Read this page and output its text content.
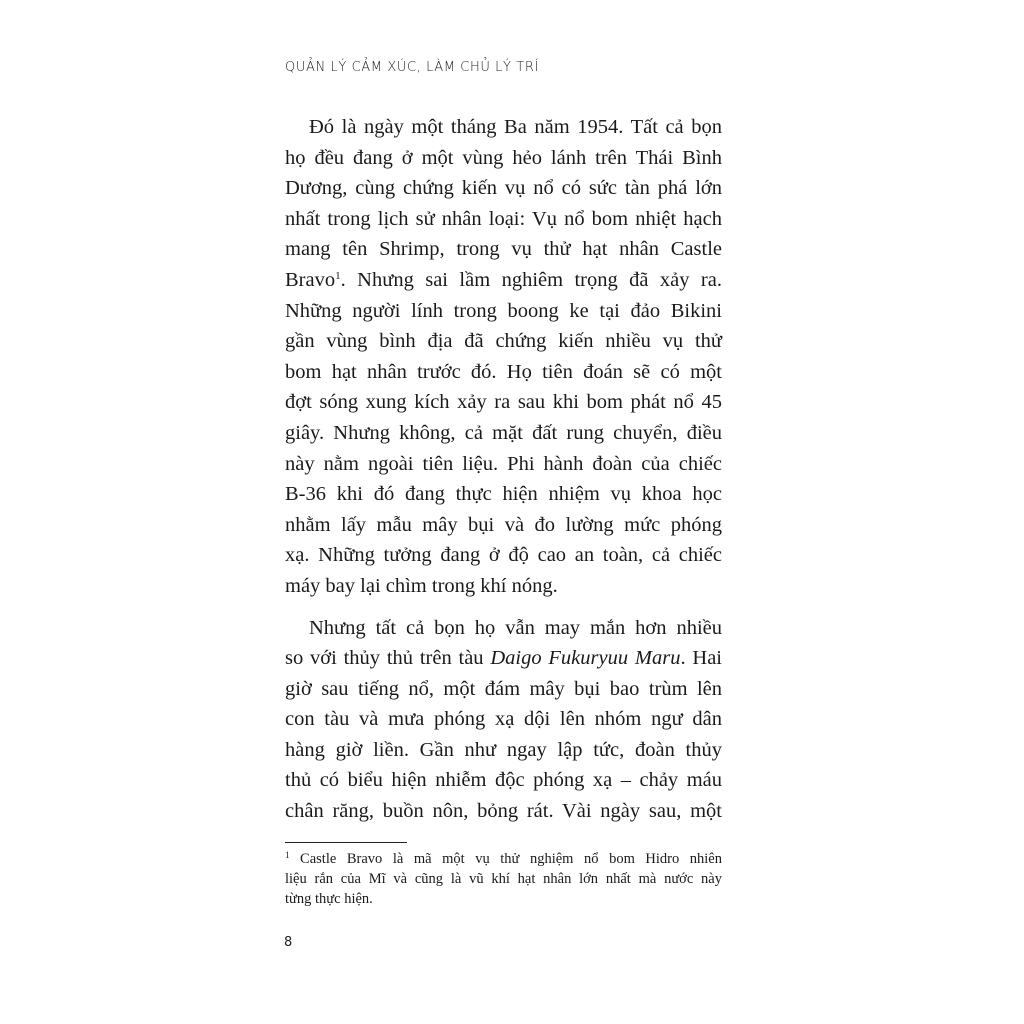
QUẢN LÝ CẢM XÚC, LÀM CHỦ LÝ TRÍ
Đó là ngày một tháng Ba năm 1954. Tất cả bọn
họ đều đang ở một vùng hẻo lánh trên Thái Bình
Dương, cùng chứng kiến vụ nổ có sức tàn phá lớn
nhất trong lịch sử nhân loại: Vụ nổ bom nhiệt hạch
mang tên Shrimp, trong vụ thử hạt nhân Castle
Bravo$^1$. Nhưng sai lầm nghiêm trọng đã xảy ra.
Những người lính trong boong ke tại đảo Bikini
gần vùng bình địa đã chứng kiến nhiều vụ thử
bom hạt nhân trước đó. Họ tiên đoán sẽ có một
đợt sóng xung kích xảy ra sau khi bom phát nổ 45
giây. Nhưng không, cả mặt đất rung chuyển, điều
này nằm ngoài tiên liệu. Phi hành đoàn của chiếc
B-36 khi đó đang thực hiện nhiệm vụ khoa học
nhằm lấy mẫu mây bụi và đo lường mức phóng
xạ. Những tưởng đang ở độ cao an toàn, cả chiếc
máy bay lại chìm trong khí nóng.
Nhưng tất cả bọn họ vẫn may mắn hơn nhiều
so với thủy thủ trên tàu Daigo Fukuryuu Maru. Hai
giờ sau tiếng nổ, một đám mây bụi bao trùm lên
con tàu và mưa phóng xạ dội lên nhóm ngư dân
hàng giờ liền. Gần như ngay lập tức, đoàn thủy
thủ có biểu hiện nhiễm độc phóng xạ – chảy máu
chân răng, buồn nôn, bỏng rát. Vài ngày sau, một
$^1$ Castle Bravo là mã một vụ thử nghiệm nổ bom Hidro nhiên
liệu rắn của Mĩ và cũng là vũ khí hạt nhân lớn nhất mà nước này
từng thực hiện.
8
